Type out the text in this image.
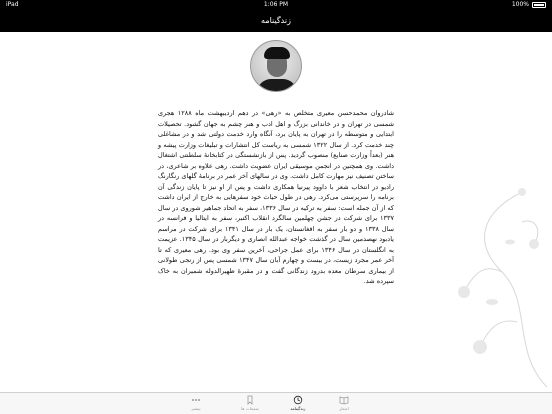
iPad	1:06 PM	100%
زندگینامه

شادروان محمدحسن معیری متخلص به «رهی» در دهم اردیبهشت ماه ۱۲۸۸ هجری شمسی در تهران و در خاندانی بزرگ و اهل ادب و هنر چشم به جهان گشود. تحصیلات ابتدایی و متوسطه را در تهران به پایان برد، آنگاه وارد خدمت دولتی شد و در مشاغلی چند خدمت کرد. از سال ۱۳۲۲ شمسی به ریاست کل انتشارات و تبلیغات وزارت پیشه و هنر (بعداً وزارت صنایع) منصوب گردید. پس از بازنشستگی در کتابخانهٔ سلطنتی اشتغال داشت. وی همچنین در انجمن موسیقی ایران عضویت داشت. رهی علاوه بر شاعری، در ساختن تصنیف نیز مهارت کامل داشت. وی در سالهای آخر عمر در برنامهٔ گلهای رنگارنگ رادیو در انتخاب شعر با داوود پیرنیا همکاری داشت و پس از او نیز تا پایان زندگی آن برنامه را سرپرستی می‌کرد. رهی در طول حیات خود سفرهایی به خارج از ایران داشت که از آن جمله است: سفر به ترکیه در سال ۱۳۳۶، سفر به اتحاد جماهیر شوروی در سال ۱۳۳۷ برای شرکت در جشن چهلمین سالگرد انقلاب اکتبر، سفر به ایتالیا و فرانسه در سال ۱۳۳۸ و دو بار سفر به افغانستان، یک بار در سال ۱۳۴۱ برای شرکت در مراسم یادبود نهصدمین سال در گذشت خواجه عبدالله انصاری و دیگربار در سال ۱۳۴۵. عزیمت به انگلستان در سال ۱۳۴۶ برای عمل جراحی، آخرین سفر وی بود. رهی معیری که تا آخر عمر مجرد زیست، در بیست و چهارم آبان سال ۱۳۴۷ شمسی پس از رنجی طولانی از بیماری سرطان معده بدرود زندگانی گفت و در مقبرهٔ ظهیرالدوله شمیران به خاک سپرده شد.

بیشتر	صفحات ها	زندگینامه	اشعار
